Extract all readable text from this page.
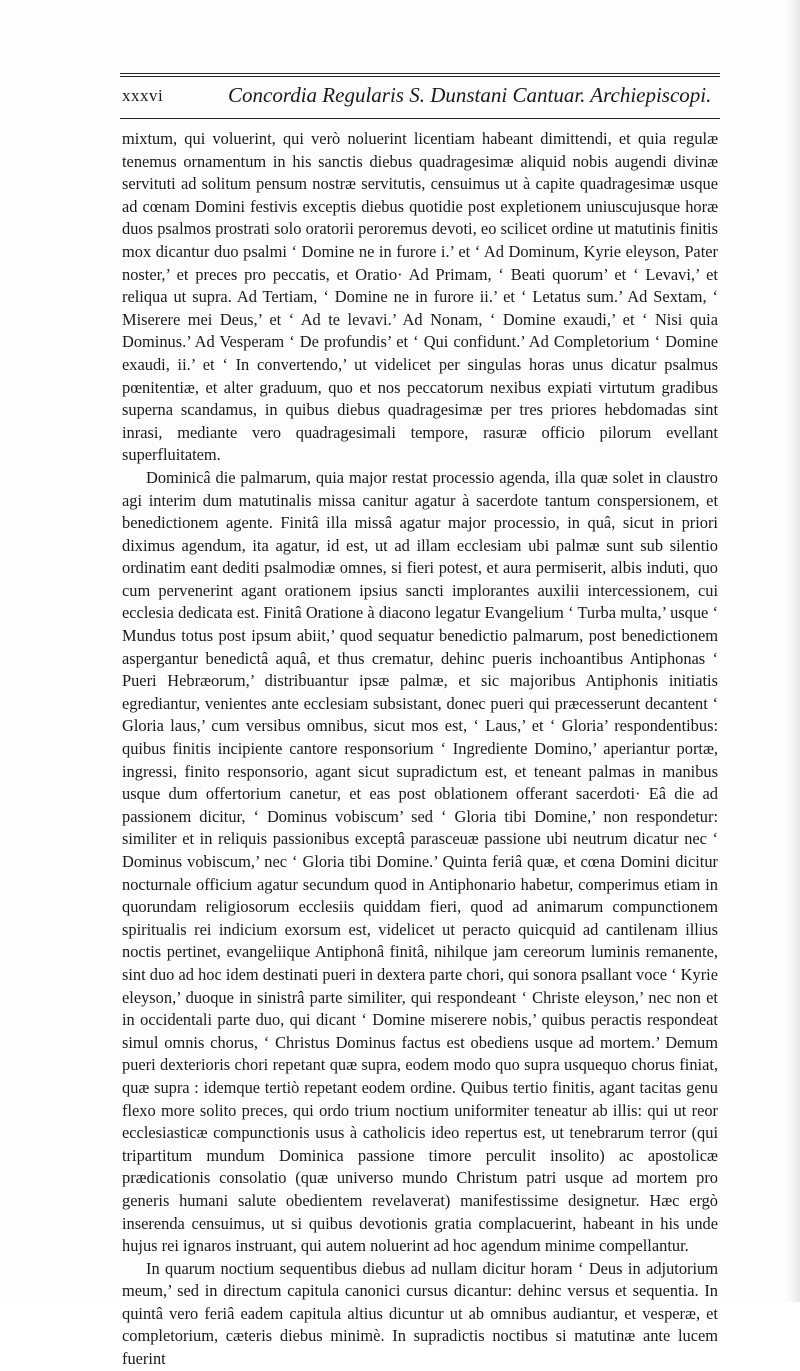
xxxvi	Concordia Regularis S. Dunstani Cantuar. Archiepiscopi.

mixtum, qui voluerint, qui verò noluerint licentiam habeant dimittendi, et quia regulæ tenemus ornamentum in his sanctis diebus quadragesimæ aliquid nobis augendi divinæ servituti ad solitum pensum nostræ servitutis, censuimus ut à capite quadragesimæ usque ad cœnam Domini festivis exceptis diebus quotidie post expletionem uniuscujusque horæ duos psalmos prostrati solo oratorii peroremus devoti, eo scilicet ordine ut matutinis finitis mox dicantur duo psalmi ‘ Domine ne in furore i.’ et ‘ Ad Dominum, Kyrie eleyson, Pater noster,’ et preces pro peccatis, et Oratio· Ad Primam, ‘ Beati quorum’ et ‘ Levavi,’ et reliqua ut supra. Ad Tertiam, ‘ Domine ne in furore ii.’ et ‘ Letatus sum.’ Ad Sextam, ‘ Miserere mei Deus,’ et ‘ Ad te levavi.’ Ad Nonam, ‘ Domine exaudi,’ et ‘ Nisi quia Dominus.’ Ad Vesperam ‘ De profundis’ et ‘ Qui confidunt.’ Ad Completorium ‘ Domine exaudi, ii.’ et ‘ In convertendo,’ ut videlicet per singulas horas unus dicatur psalmus pœnitentiæ, et alter graduum, quo et nos peccatorum nexibus expiati virtutum gradibus superna scandamus, in quibus diebus quadragesimæ per tres priores hebdomadas sint inrasi, mediante vero quadragesimali tempore, rasuræ officio pilorum evellant superfluitatem.

Dominicâ die palmarum, quia major restat processio agenda, illa quæ solet in claustro agi interim dum matutinalis missa canitur agatur à sacerdote tantum conspersionem, et benedictionem agente. Finitâ illa missâ agatur major processio, in quâ, sicut in priori diximus agendum, ita agatur, id est, ut ad illam ecclesiam ubi palmæ sunt sub silentio ordinatim eant dediti psalmodiæ omnes, si fieri potest, et aura permiserit, albis induti, quo cum pervenerint agant orationem ipsius sancti implorantes auxilii intercessionem, cui ecclesia dedicata est. Finitâ Oratione à diacono legatur Evangelium ‘ Turba multa,’ usque ‘ Mundus totus post ipsum abiit,’ quod sequatur benedictio palmarum, post benedictionem aspergantur benedictâ aquâ, et thus crematur, dehinc pueris inchoantibus Antiphonas ‘ Pueri Hebræorum,’ distribuantur ipsæ palmæ, et sic majoribus Antiphonis initiatis egrediantur, venientes ante ecclesiam subsistant, donec pueri qui præcesserunt decantent ‘ Gloria laus,’ cum versibus omnibus, sicut mos est, ‘ Laus,’ et ‘ Gloria’ respondentibus: quibus finitis incipiente cantore responsorium ‘ Ingrediente Domino,’ aperiantur portæ, ingressi, finito responsorio, agant sicut supradictum est, et teneant palmas in manibus usque dum offertorium canetur, et eas post oblationem offerant sacerdoti· Eâ die ad passionem dicitur, ‘ Dominus vobiscum’ sed ‘ Gloria tibi Domine,’ non respondetur: similiter et in reliquis passionibus exceptâ parasceuæ passione ubi neutrum dicatur nec ‘ Dominus vobiscum,’ nec ‘ Gloria tibi Domine.’ Quinta feriâ quæ, et cœna Domini dicitur nocturnale officium agatur secundum quod in Antiphonario habetur, comperimus etiam in quorundam religiosorum ecclesiis quiddam fieri, quod ad animarum compunctionem spiritualis rei indicium exorsum est, videlicet ut peracto quicquid ad cantilenam illius noctis pertinet, evangeliique Antiphonâ finitâ, nihilque jam cereorum luminis remanente, sint duo ad hoc idem destinati pueri in dextera parte chori, qui sonora psallant voce ‘ Kyrie eleyson,’ duoque in sinistrâ parte similiter, qui respondeant ‘ Christe eleyson,’ nec non et in occidentali parte duo, qui dicant ‘ Domine miserere nobis,’ quibus peractis respondeat simul omnis chorus, ‘ Christus Dominus factus est obediens usque ad mortem.’ Demum pueri dexterioris chori repetant quæ supra, eodem modo quo supra usquequo chorus finiat, quæ supra : idemque tertiò repetant eodem ordine. Quibus tertio finitis, agant tacitas genu flexo more solito preces, qui ordo trium noctium uniformiter teneatur ab illis: qui ut reor ecclesiasticæ compunctionis usus à catholicis ideo repertus est, ut tenebrarum terror (qui tripartitum mundum Dominica passione timore perculit insolito) ac apostolicæ prædicationis consolatio (quæ universo mundo Christum patri usque ad mortem pro generis humani salute obedientem revelaverat) manifestissime designetur. Hæc ergò inserenda censuimus, ut si quibus devotionis gratia complacuerint, habeant in his unde hujus rei ignaros instruant, qui autem noluerint ad hoc agendum minime compellantur.

In quarum noctium sequentibus diebus ad nullam dicitur horam ‘ Deus in adjutorium meum,’ sed in directum capitula canonici cursus dicantur: dehinc versus et sequentia. In quintâ vero feriâ eadem capitula altius dicuntur ut ab omnibus audiantur, et vesperæ, et completorium, cæteris diebus minimè. In supradictis noctibus si matutinæ ante lucem fuerint
